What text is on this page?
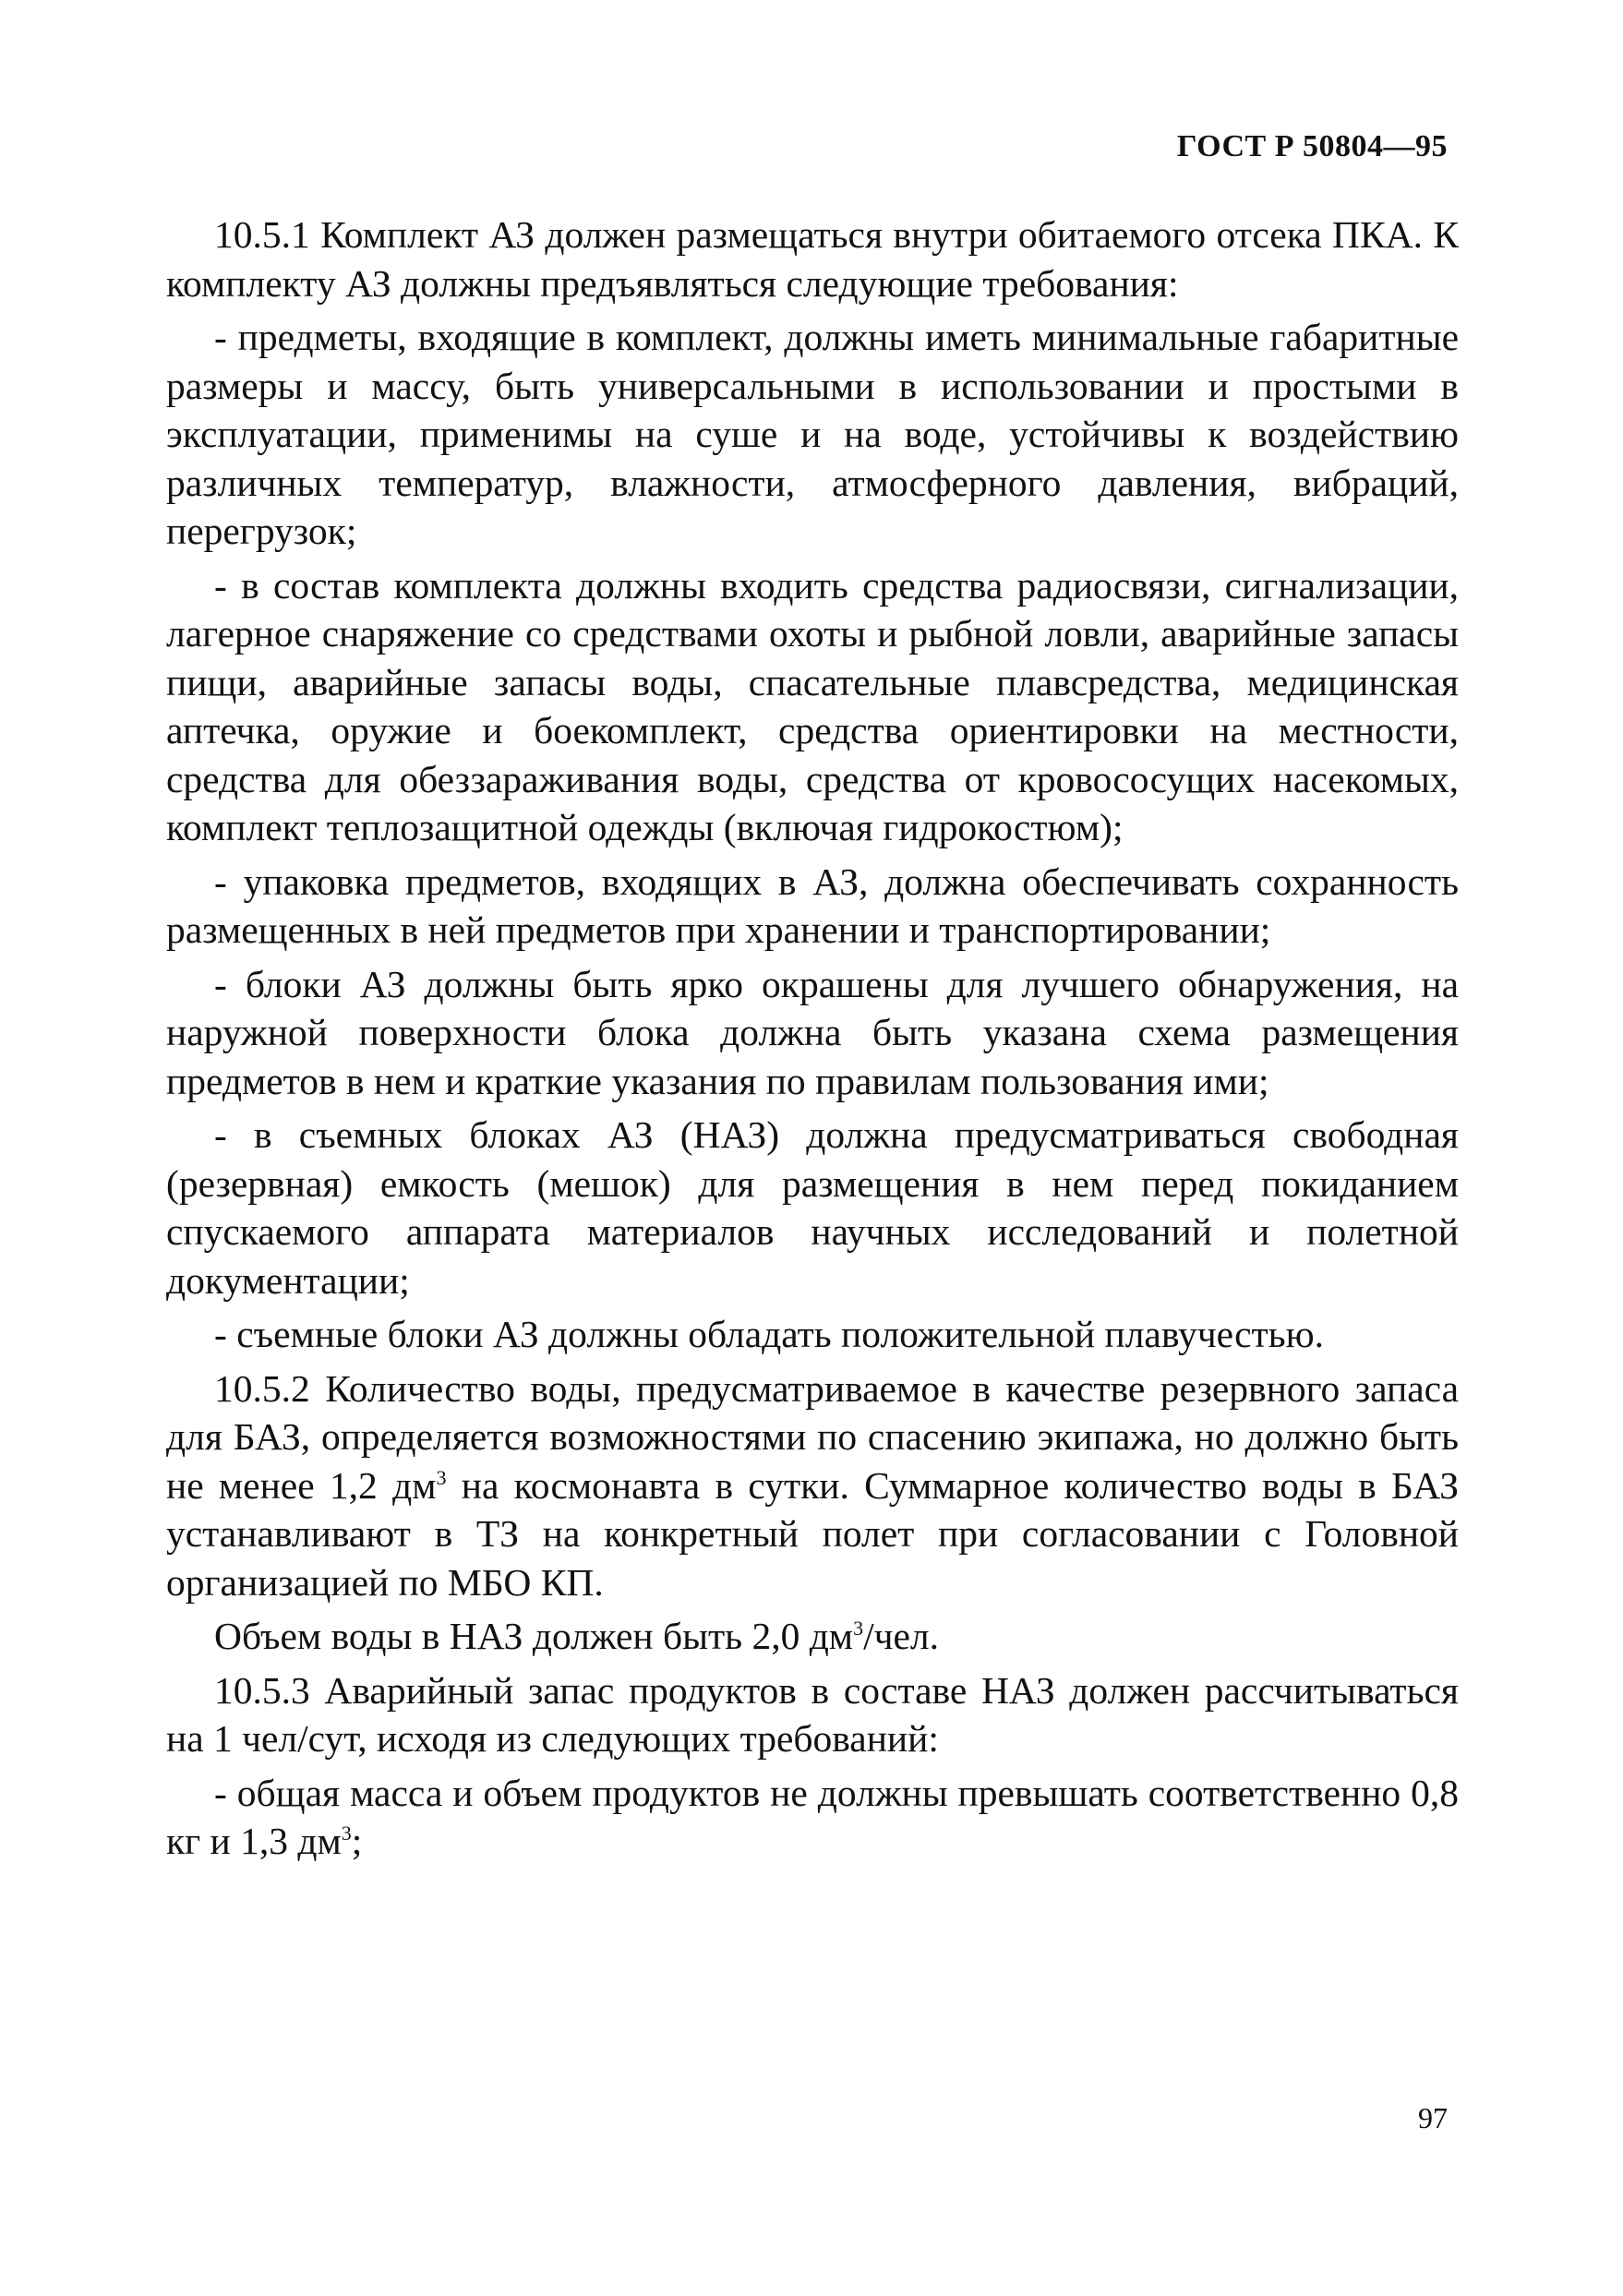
ГОСТ Р 50804—95

10.5.1 Комплект АЗ должен размещаться внутри обитаемого отсека ПКА. К комплекту АЗ должны предъявляться следующие требования:

- предметы, входящие в комплект, должны иметь минимальные габаритные размеры и массу, быть универсальными в использовании и простыми в эксплуатации, применимы на суше и на воде, устойчивы к воздействию различных температур, влажности, атмосферного давления, вибраций, перегрузок;

- в состав комплекта должны входить средства радиосвязи, сигнализации, лагерное снаряжение со средствами охоты и рыбной ловли, аварийные запасы пищи, аварийные запасы воды, спасательные плавсредства, медицинская аптечка, оружие и боекомплект, средства ориентировки на местности, средства для обеззараживания воды, средства от кровососущих насекомых, комплект теплозащитной одежды (включая гидрокостюм);

- упаковка предметов, входящих в АЗ, должна обеспечивать сохранность размещенных в ней предметов при хранении и транспортировании;

- блоки АЗ должны быть ярко окрашены для лучшего обнаружения, на наружной поверхности блока должна быть указана схема размещения предметов в нем и краткие указания по правилам пользования ими;

- в съемных блоках АЗ (НАЗ) должна предусматриваться свободная (резервная) емкость (мешок) для размещения в нем перед покиданием спускаемого аппарата материалов научных исследований и полетной документации;

- съемные блоки АЗ должны обладать положительной плавучестью.

10.5.2 Количество воды, предусматриваемое в качестве резервного запаса для БАЗ, определяется возможностями по спасению экипажа, но должно быть не менее 1,2 $дм^3$ на космонавта в сутки. Суммарное количество воды в БАЗ устанавливают в ТЗ на конкретный полет при согласовании с Головной организацией по МБО КП.

Объем воды в НАЗ должен быть 2,0 $дм^3$/чел.

10.5.3 Аварийный запас продуктов в составе НАЗ должен рассчитываться на 1 чел/сут, исходя из следующих требований:

- общая масса и объем продуктов не должны превышать соответственно 0,8 кг и 1,3 $дм^3$;

97
